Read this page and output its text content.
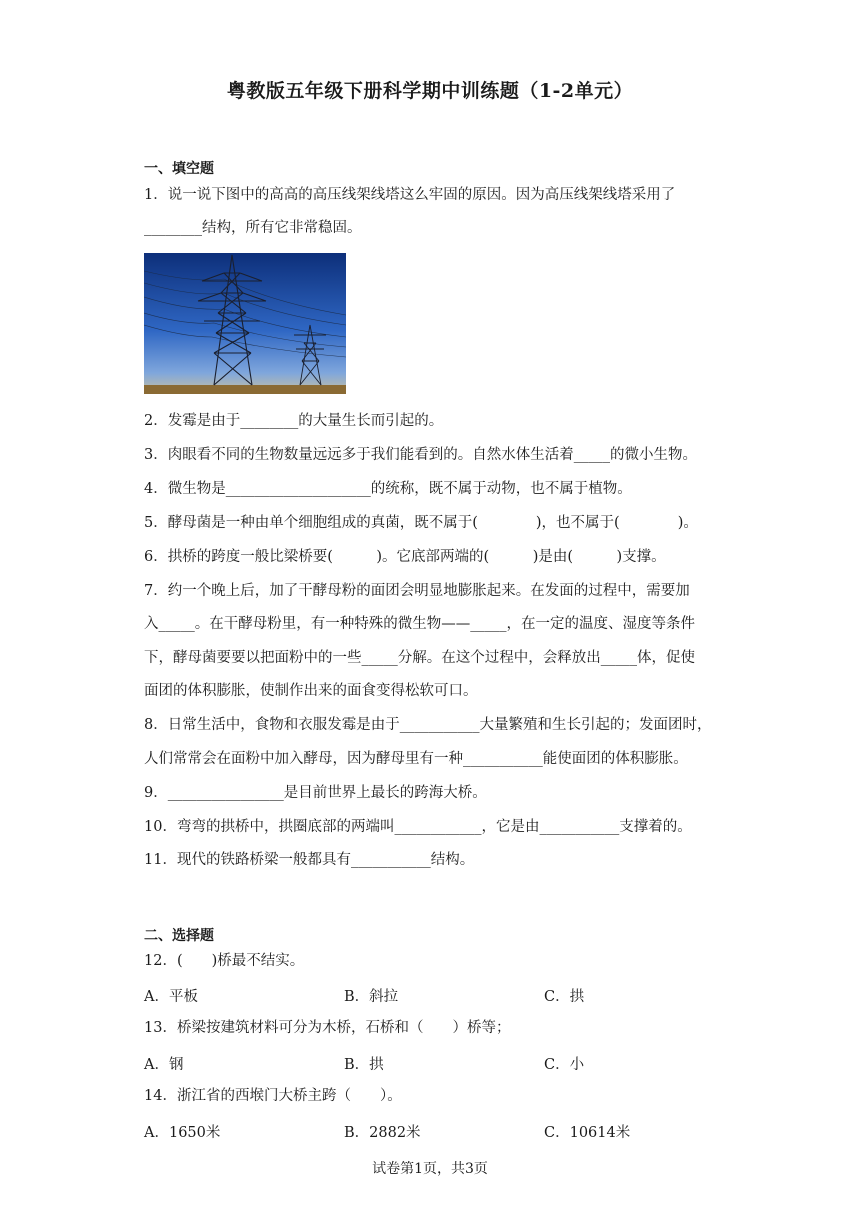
粤教版五年级下册科学期中训练题（1-2单元）
一、填空题
1．说一说下图中的高高的高压线架线塔这么牢固的原因。因为高压线架线塔采用了
________结构，所有它非常稳固。
2．发霉是由于________的大量生长而引起的。
3．肉眼看不同的生物数量远远多于我们能看到的。自然水体生活着_____的微小生物。
4．微生物是____________________的统称，既不属于动物，也不属于植物。
5．酵母菌是一种由单个细胞组成的真菌，既不属于(　　　　)，也不属于(　　　　)。
6．拱桥的跨度一般比梁桥要(　　　)。它底部两端的(　　　)是由(　　　)支撑。
7．约一个晚上后，加了干酵母粉的面团会明显地膨胀起来。在发面的过程中，需要加
入_____。在干酵母粉里，有一种特殊的微生物——_____，在一定的温度、湿度等条件
下，酵母菌要要以把面粉中的一些_____分解。在这个过程中，会释放出_____体，促使
面团的体积膨胀，使制作出来的面食变得松软可口。
8．日常生活中，食物和衣服发霉是由于___________大量繁殖和生长引起的；发面团时，
人们常常会在面粉中加入酵母，因为酵母里有一种___________能使面团的体积膨胀。
9．________________是目前世界上最长的跨海大桥。
10．弯弯的拱桥中，拱圈底部的两端叫____________，它是由___________支撑着的。
11．现代的铁路桥梁一般都具有___________结构。
二、选择题
12．(　　)桥最不结实。
A．平板	B．斜拉	C．拱
13．桥梁按建筑材料可分为木桥，石桥和（　　）桥等；
A．钢	B．拱	C．小
14．浙江省的西堠门大桥主跨（　　）。
A．1650米	B．2882米	C．10614米
试卷第1页，共3页
